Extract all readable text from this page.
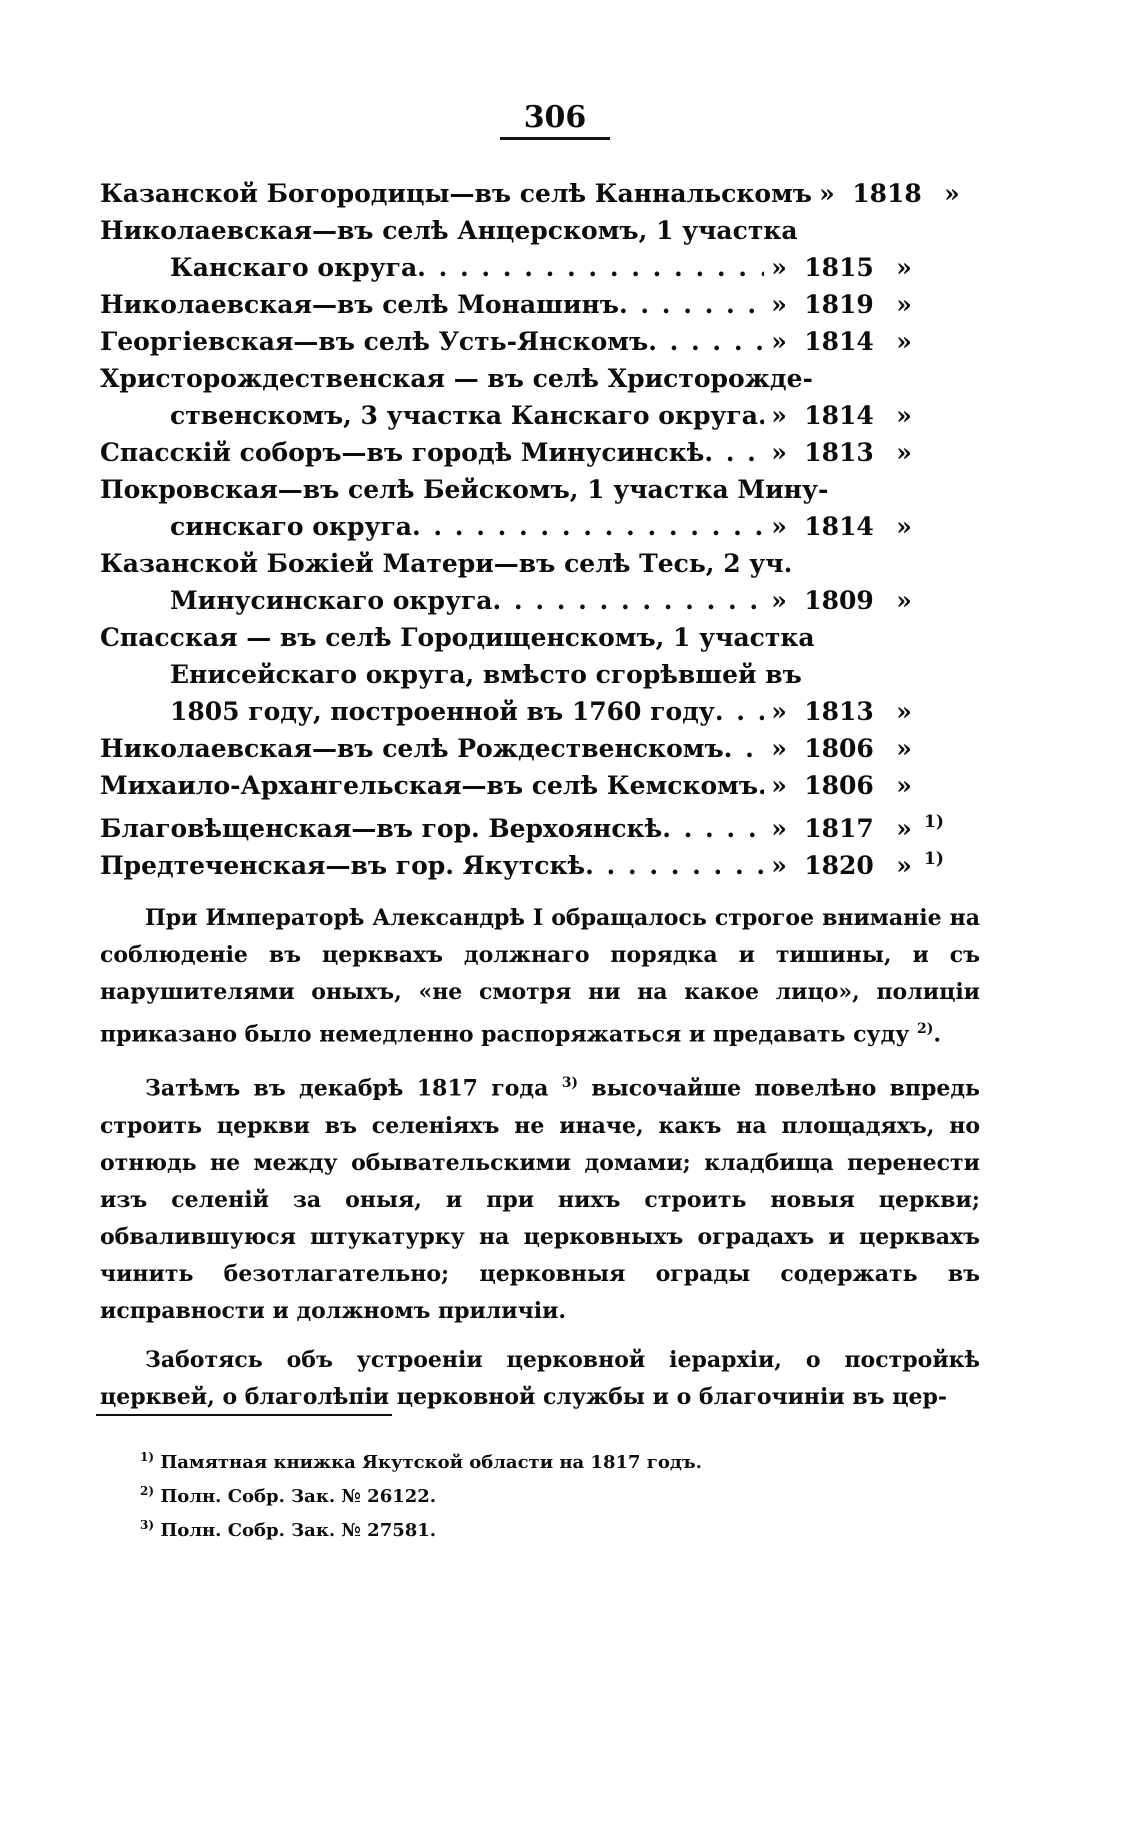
306
Казанской Богородицы—въ селѣ Каннальскомъ » 1818 »
Николаевская—въ селѣ Анцерскомъ, 1 участка
Канскаго округа . . .	» 1815 »
Николаевская—въ селѣ Монашинъ . . .	» 1819 »
Георгіевская—въ селѣ Усть-Янскомъ . . .	» 1814 »
Христорождественская — въ селѣ Христорожде-
ственскомъ, 3 участка Канскаго округа . . . » 1814 »
Спасскій соборъ—въ городѣ Минусинскѣ . . .	» 1813 »
Покровская—въ селѣ Бейскомъ, 1 участка Мину-
синскаго округа . . .	» 1814 »
Казанской Божіей Матери—въ селѣ Тесь, 2 уч.
Минусинскаго округа . . .	» 1809 »
Спасская — въ селѣ Городищенскомъ, 1 участка
Енисейскаго округа, вмѣсто сгорѣвшей въ
1805 году, построенной въ 1760 году . . . » 1813 »
Николаевская—въ селѣ Рождественскомъ . . . » 1806 »
Михаило-Архангельская—въ селѣ Кемскомъ . . . » 1806 »
Благовѣщенская—въ гор. Верхоянскѣ . . .	» 1817 » $^{1)}$
Предтеченская—въ гор. Якутскѣ . . .	» 1820 » $^{1)}$

При Императорѣ Александрѣ I обращалось строгое вниманіе на соблюденіе въ церквахъ должнаго порядка и тишины, и съ нарушителями оныхъ, «не смотря ни на какое лицо», полиціи приказано было немедленно распоряжаться и предавать суду $^{2)}$.

Затѣмъ въ декабрѣ 1817 года $^{3)}$ высочайше повелѣно впредь строить церкви въ селеніяхъ не иначе, какъ на площадяхъ, но отнюдь не между обывательскими домами; кладбища перенести изъ селеній за оныя, и при нихъ строить новыя церкви; обвалившуюся штукатурку на церковныхъ оградахъ и церквахъ чинить безотлагательно; церковныя ограды содержать въ исправности и должномъ приличіи.

Заботясь объ устроеніи церковной іерархіи, о постройкѣ церквей, о благолѣпіи церковной службы и о благочиніи въ цер-

$^{1)}$ Памятная книжка Якутской области на 1817 годъ.
$^{2)}$ Полн. Собр. Зак. № 26122.
$^{3)}$ Полн. Собр. Зак. № 27581.
